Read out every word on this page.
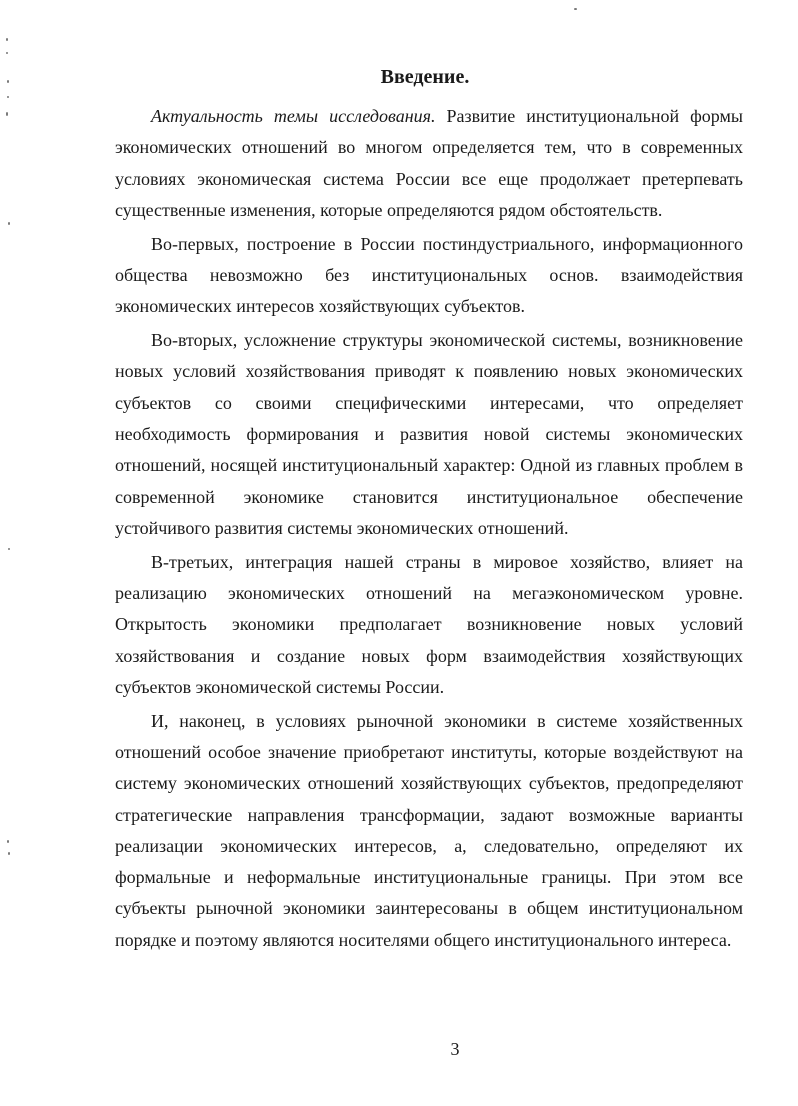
Введение.

Актуальность темы исследования. Развитие институциональной формы экономических отношений во многом определяется тем, что в современных условиях экономическая система России все еще продолжает претерпевать существенные изменения, которые определяются рядом обстоятельств.

Во-первых, построение в России постиндустриального, информационного общества невозможно без институциональных основ. взаимодействия экономических интересов хозяйствующих субъектов.

Во-вторых, усложнение структуры экономической системы, возникновение новых условий хозяйствования приводят к появлению новых экономических субъектов со своими специфическими интересами, что определяет необходимость формирования и развития новой системы экономических отношений, носящей институциональный характер: Одной из главных проблем в современной экономике становится институциональное обеспечение устойчивого развития системы экономических отношений.

В-третьих, интеграция нашей страны в мировое хозяйство, влияет на реализацию экономических отношений на мегаэкономическом уровне. Открытость экономики предполагает возникновение новых условий хозяйствования и создание новых форм взаимодействия хозяйствующих субъектов экономической системы России.

И, наконец, в условиях рыночной экономики в системе хозяйственных отношений особое значение приобретают институты, которые воздействуют на систему экономических отношений хозяйствующих субъектов, предопределяют стратегические направления трансформации, задают возможные варианты реализации экономических интересов, а, следовательно, определяют их формальные и неформальные институциональные границы. При этом все субъекты рыночной экономики заинтересованы в общем институциональном порядке и поэтому являются носителями общего институционального интереса.

3
